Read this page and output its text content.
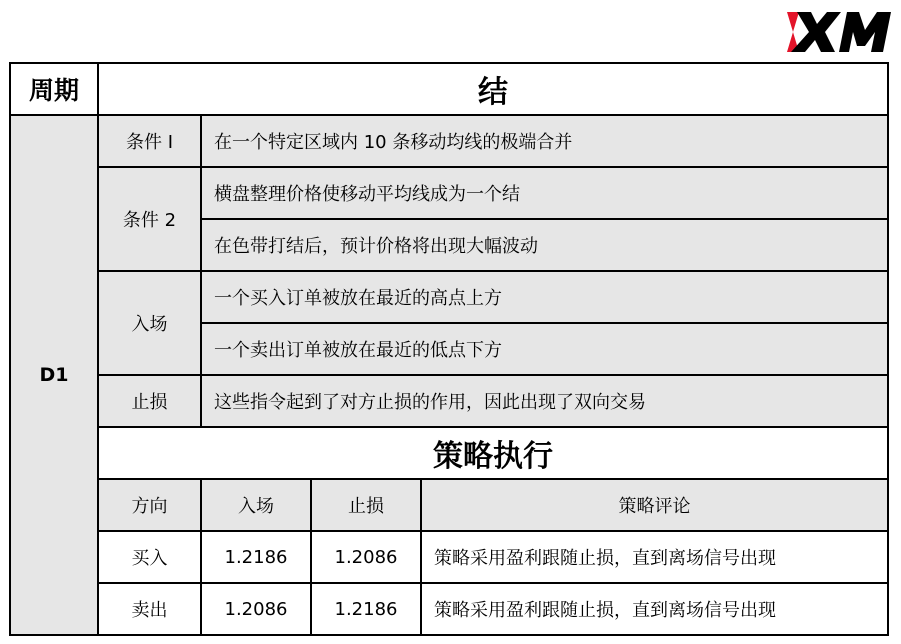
周期	结			
D1	条件 I	在一个特定区域内 10 条移动均线的极端合并		
	条件 2	横盘整理价格使移动平均线成为一个结		
		在色带打结后，预计价格将出现大幅波动		
	入场	一个买入订单被放在最近的高点上方		
		一个卖出订单被放在最近的低点下方		
	止损	这些指令起到了对方止损的作用，因此出现了双向交易		
	策略执行			
	方向	入场	止损	策略评论
	买入	1.2186	1.2086	策略采用盈利跟随止损，直到离场信号出现
	卖出	1.2086	1.2186	策略采用盈利跟随止损，直到离场信号出现
